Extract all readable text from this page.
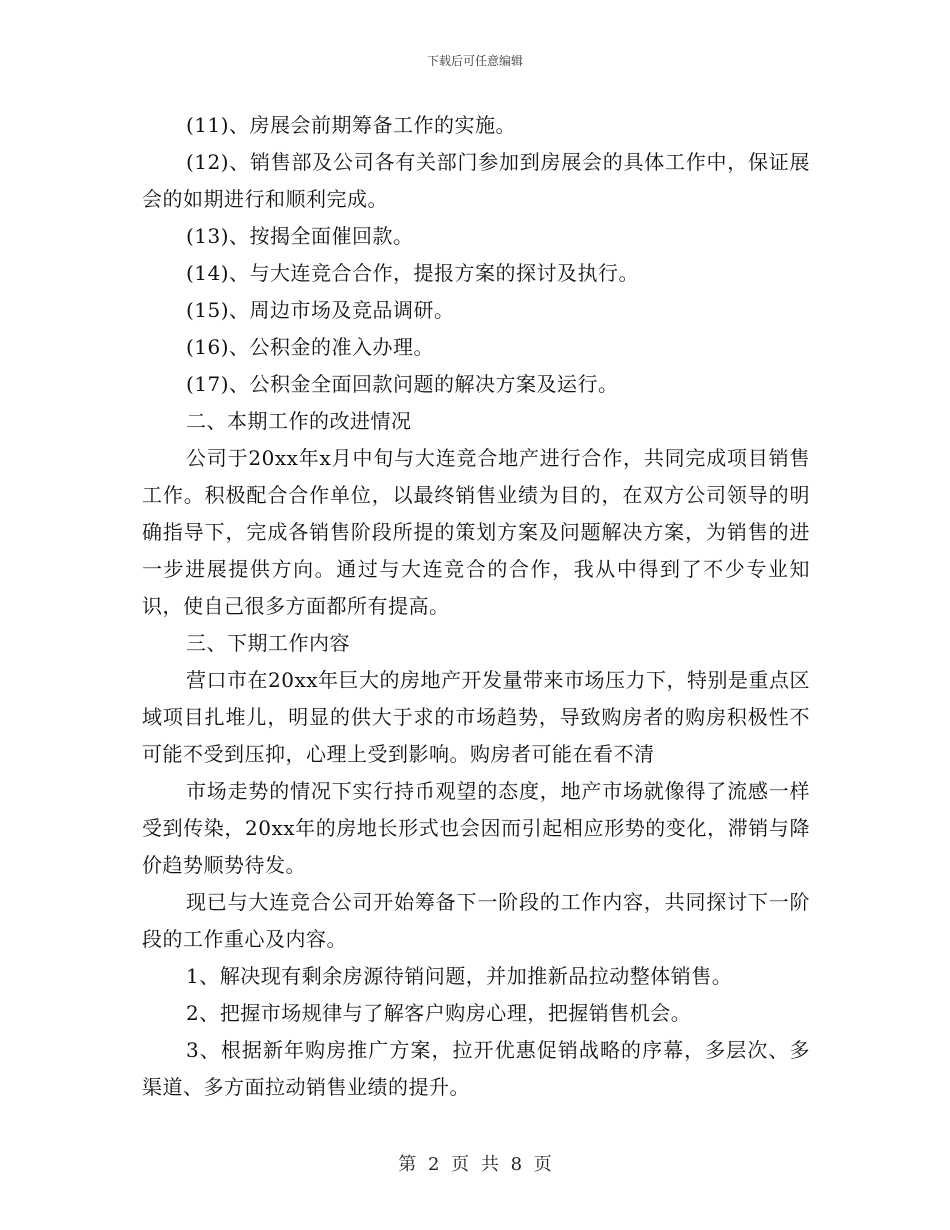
下载后可任意编辑

(11)、房展会前期筹备工作的实施。

(12)、销售部及公司各有关部门参加到房展会的具体工作中，保证展会的如期进行和顺利完成。

(13)、按揭全面催回款。

(14)、与大连竞合合作，提报方案的探讨及执行。

(15)、周边市场及竞品调研。

(16)、公积金的准入办理。

(17)、公积金全面回款问题的解决方案及运行。

二、本期工作的改进情况

公司于20xx年x月中旬与大连竞合地产进行合作，共同完成项目销售工作。积极配合合作单位，以最终销售业绩为目的，在双方公司领导的明确指导下，完成各销售阶段所提的策划方案及问题解决方案，为销售的进一步进展提供方向。通过与大连竞合的合作，我从中得到了不少专业知识，使自己很多方面都所有提高。

三、下期工作内容

营口市在20xx年巨大的房地产开发量带来市场压力下，特别是重点区域项目扎堆儿，明显的供大于求的市场趋势，导致购房者的购房积极性不可能不受到压抑，心理上受到影响。购房者可能在看不清

市场走势的情况下实行持币观望的态度，地产市场就像得了流感一样受到传染，20xx年的房地长形式也会因而引起相应形势的变化，滞销与降价趋势顺势待发。

现已与大连竞合公司开始筹备下一阶段的工作内容，共同探讨下一阶段的工作重心及内容。

1、解决现有剩余房源待销问题，并加推新品拉动整体销售。

2、把握市场规律与了解客户购房心理，把握销售机会。

3、根据新年购房推广方案，拉开优惠促销战略的序幕，多层次、多渠道、多方面拉动销售业绩的提升。

第 2 页 共 8 页
